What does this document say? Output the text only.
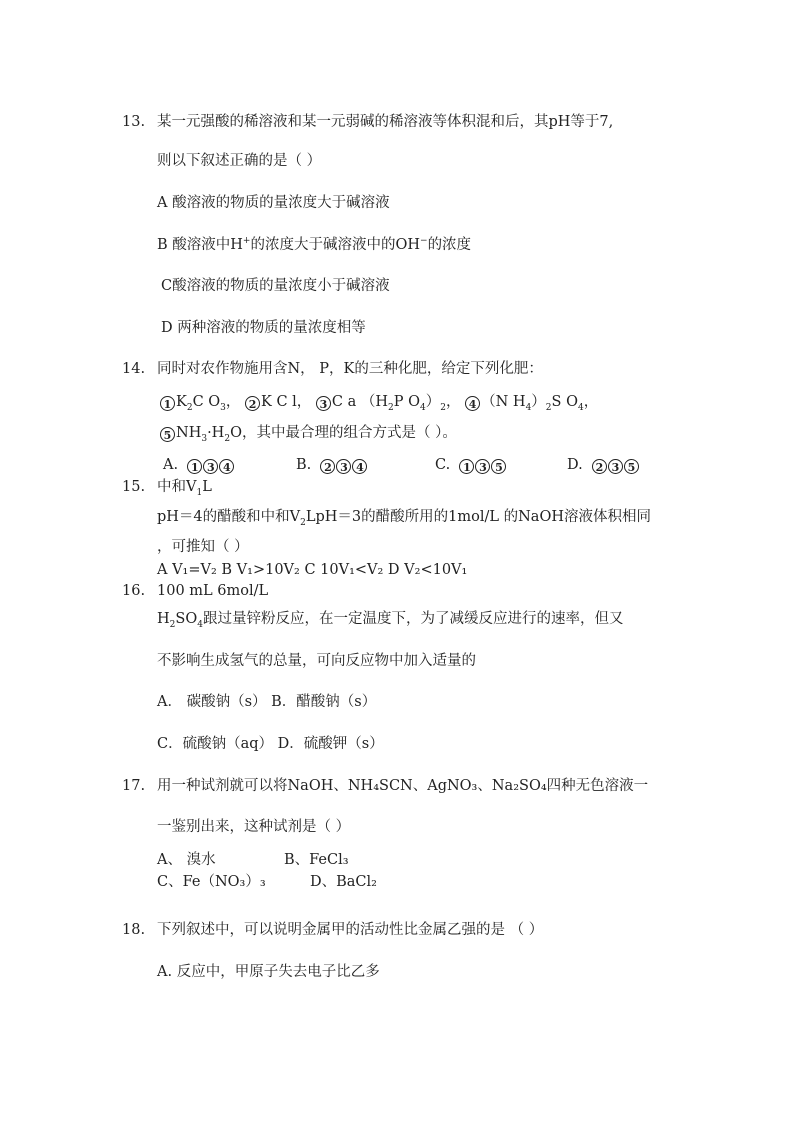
13. 某一元强酸的稀溶液和某一元弱碱的稀溶液等体积混和后，其pH等于7,
则以下叙述正确的是（ ）
A 酸溶液的物质的量浓度大于碱溶液
B 酸溶液中H+的浓度大于碱溶液中的OH−的浓度
C酸溶液的物质的量浓度小于碱溶液
D 两种溶液的物质的量浓度相等
14. 同时对农作物施用含N， P，K的三种化肥，给定下列化肥：
1 $K_2C$ $O_3$， 2 K C l， 3 C a （$H_2P$ $O_4)_2$， 4 （N $H_4)_2S$ $O_4$，
5 $NH_3\cdot H_2O$，其中最合理的组合方式是（ ）。
A. 1 3 4	B. 2 3 4	C. 1 3 5	D. 2 3 5
15. 中和$V_1L$
pH＝4的醋酸和中和$V_2LpH=3$的醋酸所用的1mol/L 的NaOH溶液体积相同
，可推知（ ）
A V₁=V₂ B V₁>10V₂ C 10V₁<V₂ D V₂<10V₁
16. 100 mL 6mol/L
$H_2SO_4$跟过量锌粉反应，在一定温度下，为了减缓反应进行的速率，但又
不影响生成氢气的总量，可向反应物中加入适量的
A． 碳酸钠（s） B．醋酸钠（s）
C．硫酸钠（aq） D．硫酸钾（s）
17. 用一种试剂就可以将NaOH、NH₄SCN、AgNO₃、Na₂SO₄四种无色溶液一
一鉴别出来，这种试剂是（ ）
A、 溴水	B、FeCl₃
C、Fe（NO₃）₃	D、BaCl₂
18. 下列叙述中，可以说明金属甲的活动性比金属乙强的是 （ ）
A. 反应中，甲原子失去电子比乙多
